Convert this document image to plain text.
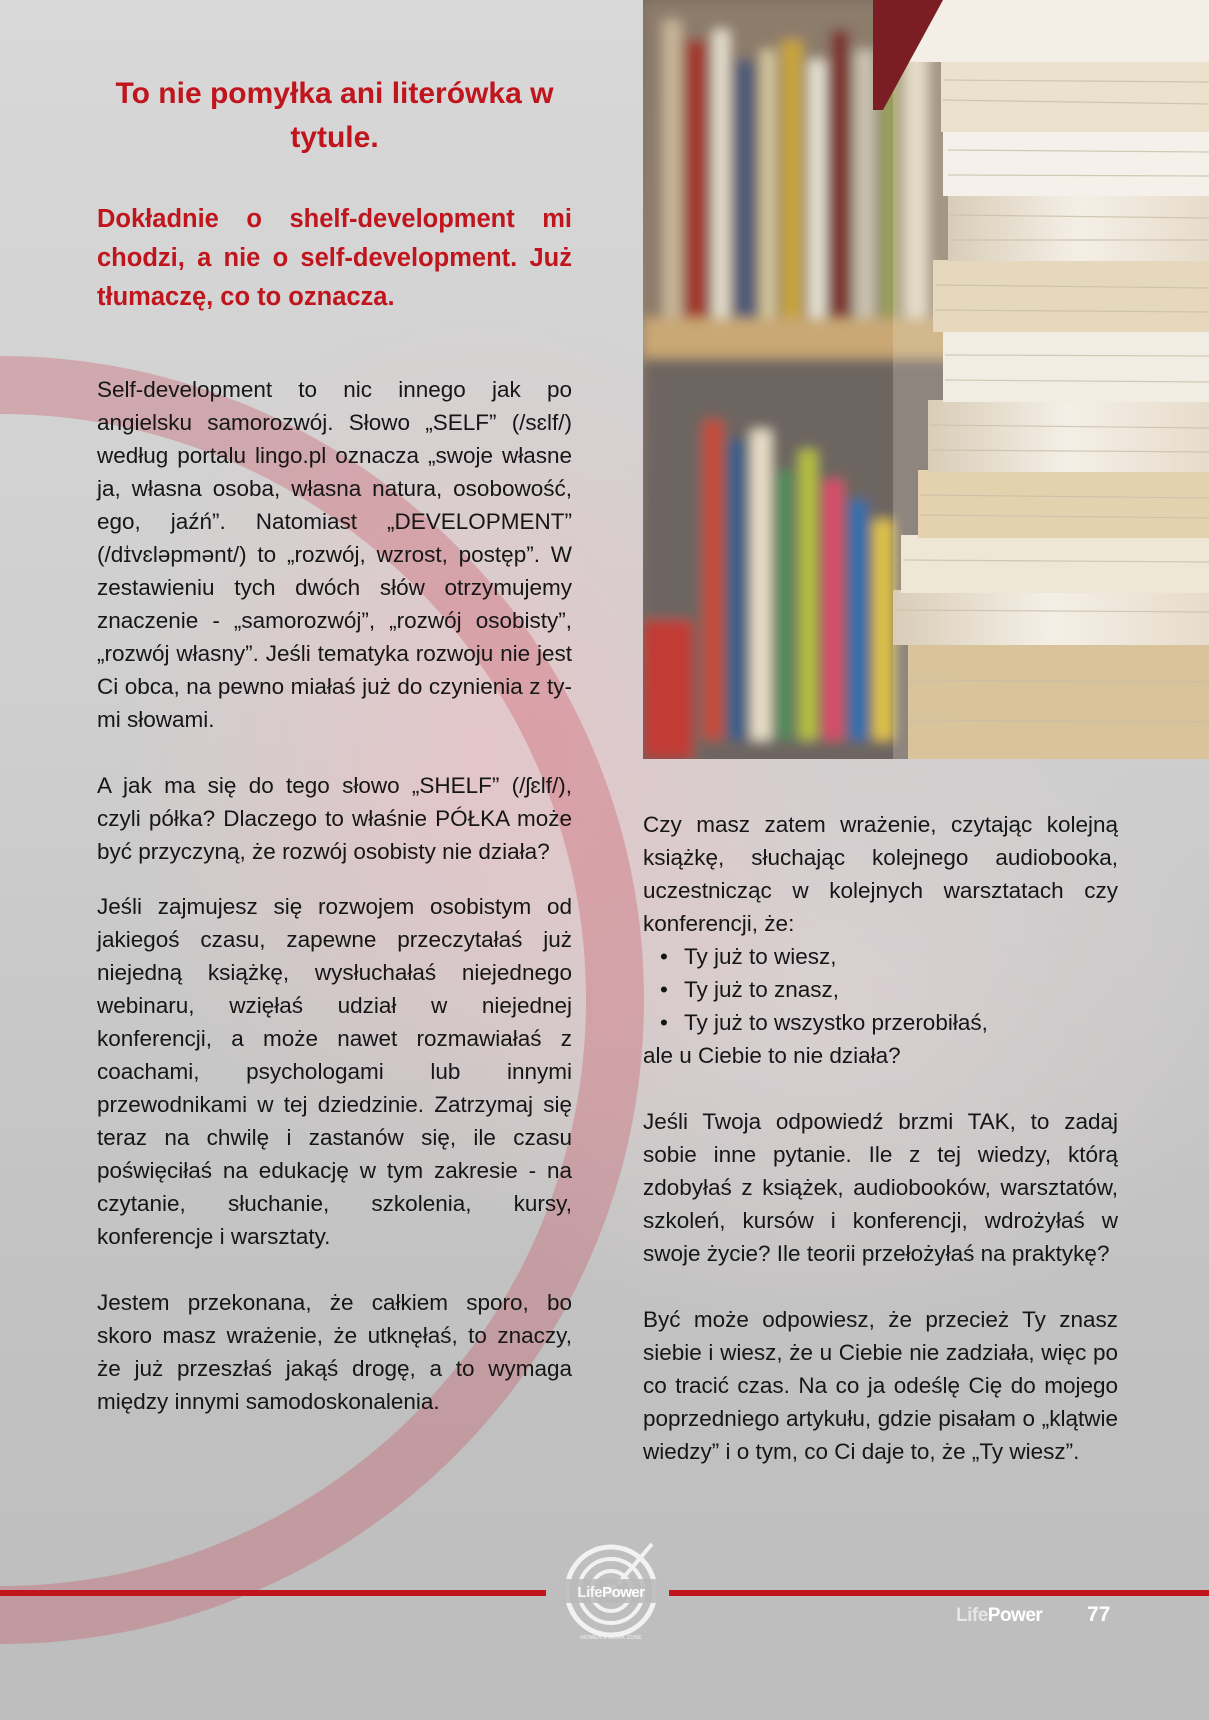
To nie pomyłka ani literówka w tytule.

Dokładnie o shelf-development mi chodzi, a nie o self-development. Już tłumaczę, co to oznacza.

Self-development to nic innego jak po angielsku samorozwój. Słowo „SELF” (/sɛlf/) według portalu lingo.pl oznacza „swoje własne ja, własna osoba, własna natura, osobowość, ego, jaźń”. Natomiast „DEVELOPMENT” (/dɪ̍vɛləpmənt/) to „rozwój, wzrost, postęp”. W zestawieniu tych dwóch słów otrzymujemy znaczenie - „samorozwój”, „rozwój osobisty”, „rozwój własny”. Jeśli tematyka rozwoju nie jest Ci obca, na pewno miałaś już do czynienia z tymi słowami.

A jak ma się do tego słowo „SHELF” (/ʃɛlf/), czyli półka? Dlaczego to właśnie PÓŁKA może być przyczyną, że rozwój osobisty nie działa?

Jeśli zajmujesz się rozwojem osobistym od jakiegoś czasu, zapewne przeczytałaś już niejedną książkę, wysłuchałaś niejednego webinaru, wzięłaś udział w niejednej konferencji, a może nawet rozmawiałaś z coachami, psychologami lub innymi przewodnikami w tej dziedzinie. Zatrzymaj się teraz na chwilę i zastanów się, ile czasu poświęciłaś na edukację w tym zakresie - na czytanie, słuchanie, szkolenia, kursy, konferencje i warsztaty.

Jestem przekonana, że całkiem sporo, bo skoro masz wrażenie, że utknęłaś, to znaczy, że już przeszłaś jakąś drogę, a to wymaga między innymi samodoskonalenia.

Czy masz zatem wrażenie, czytając kolejną książkę, słuchając kolejnego audiobooka, uczestnicząc w kolejnych warsztatach czy konferencji, że:

• Ty już to wiesz,
• Ty już to znasz,
• Ty już to wszystko przerobiłaś,

ale u Ciebie to nie działa?

Jeśli Twoja odpowiedź brzmi TAK, to zadaj sobie inne pytanie. Ile z tej wiedzy, którą zdobyłaś z książek, audiobooków, warsztatów, szkoleń, kursów i konferencji, wdrożyłaś w swoje życie? Ile teorii przełożyłaś na praktykę?

Być może odpowiesz, że przecież Ty znasz siebie i wiesz, że u Ciebie nie zadziała, więc po co tracić czas. Na co ja odeślę Cię do mojego poprzedniego artykułu, gdzie pisałam o „klątwie wiedzy” i o tym, co Ci daje to, że „Ty wiesz”.

LifePower
WOMEN'S WORK ZONE
LifePower 77
